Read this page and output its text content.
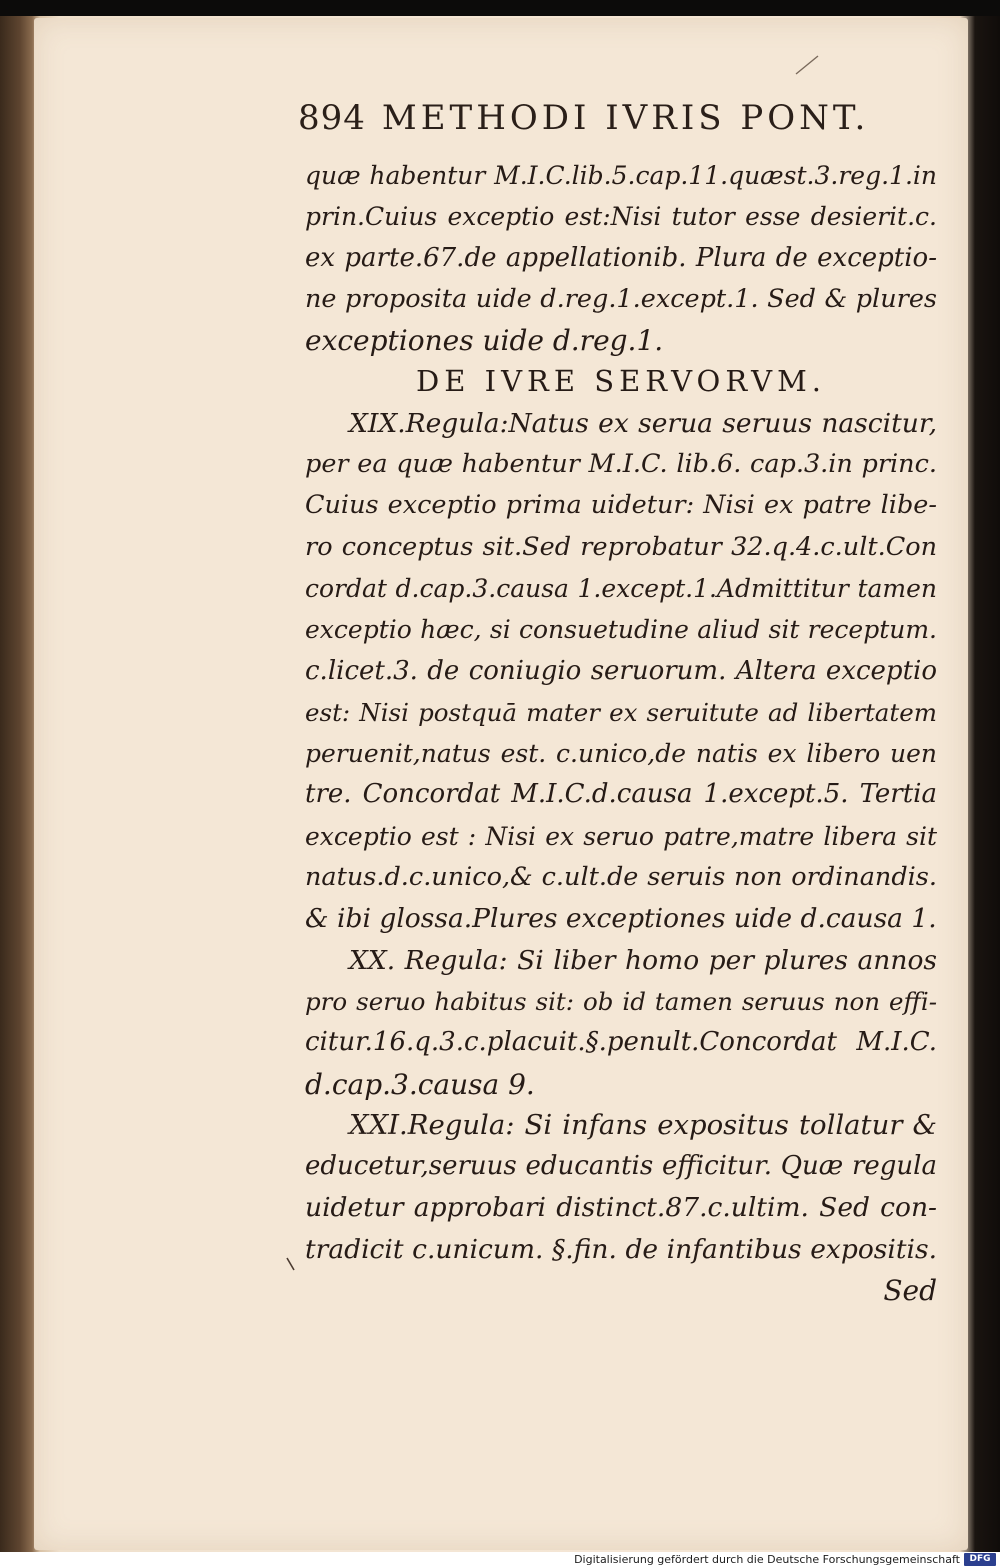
894 METHODI IVRIS PONT.
quæ habentur M.I.C.lib.5.cap.11.quæst.3.reg.1.in
prin.Cuius exceptio est:Nisi tutor esse desierit.c.
ex parte.67.de appellationib. Plura de exceptio-
ne proposita uide d.reg.1.except.1. Sed & plures
exceptiones uide d.reg.1.
DE IVRE SERVORVM.
XIX.Regula:Natus ex serua seruus nascitur,
per ea quæ habentur M.I.C. lib.6. cap.3.in princ.
Cuius exceptio prima uidetur: Nisi ex patre libe-
ro conceptus sit.Sed reprobatur 32.q.4.c.ult.Con
cordat d.cap.3.causa 1.except.1.Admittitur tamen
exceptio hæc, si consuetudine aliud sit receptum.
c.licet.3. de coniugio seruorum. Altera exceptio
est: Nisi postquā mater ex seruitute ad libertatem
peruenit,natus est. c.unico,de natis ex libero uen
tre. Concordat M.I.C.d.causa 1.except.5. Tertia
exceptio est : Nisi ex seruo patre,matre libera sit
natus.d.c.unico,& c.ult.de seruis non ordinandis.
& ibi glossa.Plures exceptiones uide d.causa 1.
XX. Regula: Si liber homo per plures annos
pro seruo habitus sit: ob id tamen seruus non effi-
citur.16.q.3.c.placuit.§.penult.Concordat M.I.C.
d.cap.3.causa 9.
XXI.Regula: Si infans expositus tollatur &
educetur,seruus educantis efficitur. Quæ regula
uidetur approbari distinct.87.c.ultim. Sed con-
tradicit c.unicum. §.fin. de infantibus expositis.
Sed
Digitalisierung gefördert durch die Deutsche Forschungsgemeinschaft	DFG
